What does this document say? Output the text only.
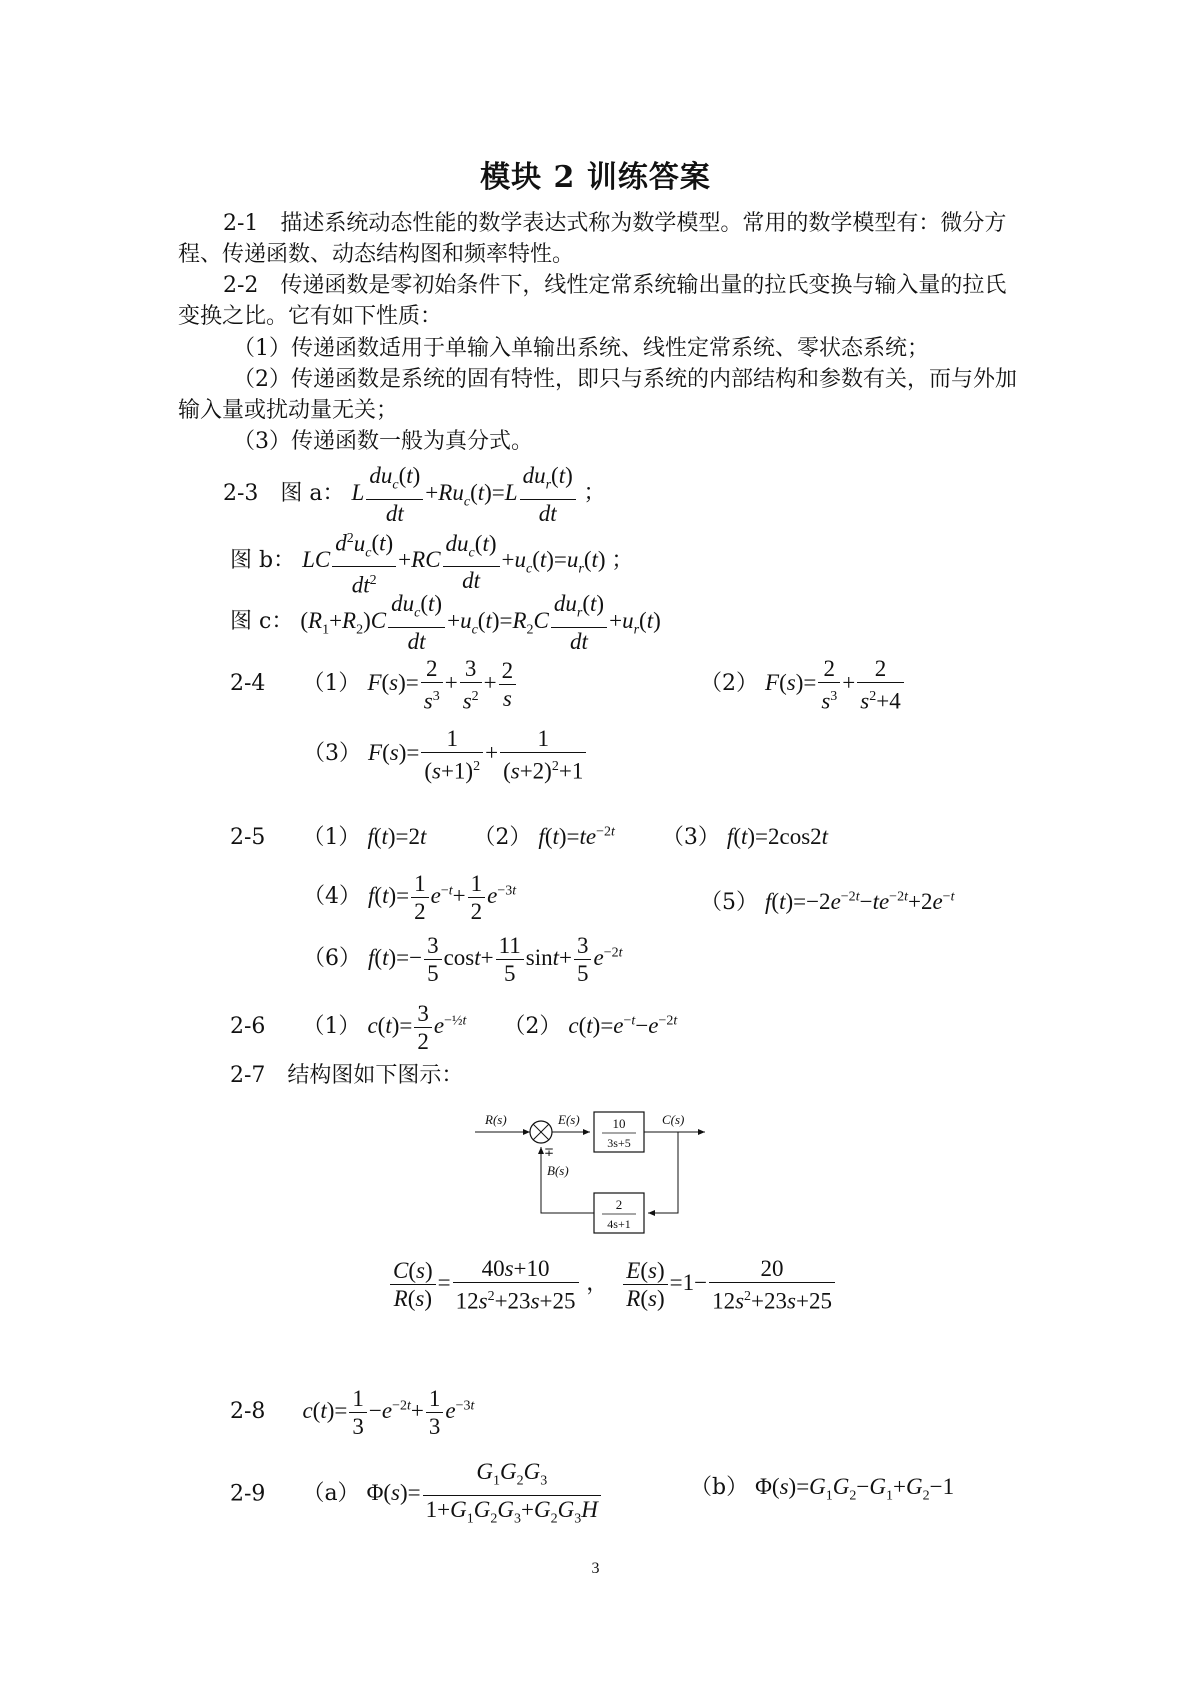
模块 2 训练答案
2-1　描述系统动态性能的数学表达式称为数学模型。常用的数学模型有：微分方程、传递函数、动态结构图和频率特性。
2-2　传递函数是零初始条件下，线性定常系统输出量的拉氏变换与输入量的拉氏变换之比。它有如下性质：
（1）传递函数适用于单输入单输出系统、线性定常系统、零状态系统；
（2）传递函数是系统的固有特性，即只与系统的内部结构和参数有关，而与外加输入量或扰动量无关；
（3）传递函数一般为真分式。
2-3　图 a： L
$du_c(t)$
dt
$+Ru_c(t)=L$
$du_r(t)$
dt
；
图 b： LC $\frac{d^2u_c(t)}{dt^2} +RC$
$du_c(t)$
dt
$+u_c(t)=u_r(t)$ ；
图 c： $(R_1+R_2)C$
$du_c(t)$
dt
$+u_c(t)=R_2C$
$du_r(t)$
dt
$+u_r(t)$
2-4 （1） $F(s)= \frac{2}{s^3} + \frac{3}{s^2} + \frac{2}{s}$	（2） $F(s)= \frac{2}{s^3} + \frac{2}{s^2+4}$
（3） $F(s)= \frac{1}{(s+1)^2} + \frac{1}{(s+2)^2+1}$
2-5 （1） f(t)=2t （2） $f(t)=te^{-2t}$ （3） f(t)=2cos2t
（4） $f(t)= \frac{1}{2} e^{-t}+ \frac{1}{2} e^{-3t}$	（5） $f(t)=-2e^{-2t}-te^{-2t}+2e^{-t}$
（6） $f(t)=- \frac{3}{5} \cos t+ \frac{11}{5} \sin t+ \frac{3}{5} e^{-2t}$
2-6 （1） $c(t)= \frac{3}{2} e^{-\frac{1}{2}t}$ （2） $c(t)=e^{-t}-e^{-2t}$
2-7　结构图如下图示：
R(s)	E(s)	10
3s+5
C(s)
2
4s+1
∓
B(s)
$\frac{C(s)}{R(s)} = \frac{40s+10}{12s^2+23s+25}$ ， $\frac{E(s)}{R(s)} =1- \frac{20}{12s^2+23s+25}$
2-8 $c(t)= \frac{1}{3} -e^{-2t}+ \frac{1}{3} e^{-3t}$
2-9 （a） $\Phi(s)= \frac{G_1G_2G_3}{1+G_1G_2G_3+G_2G_3H}$	（b） $\Phi(s)=G_1G_2-G_1+G_2-1$
3
